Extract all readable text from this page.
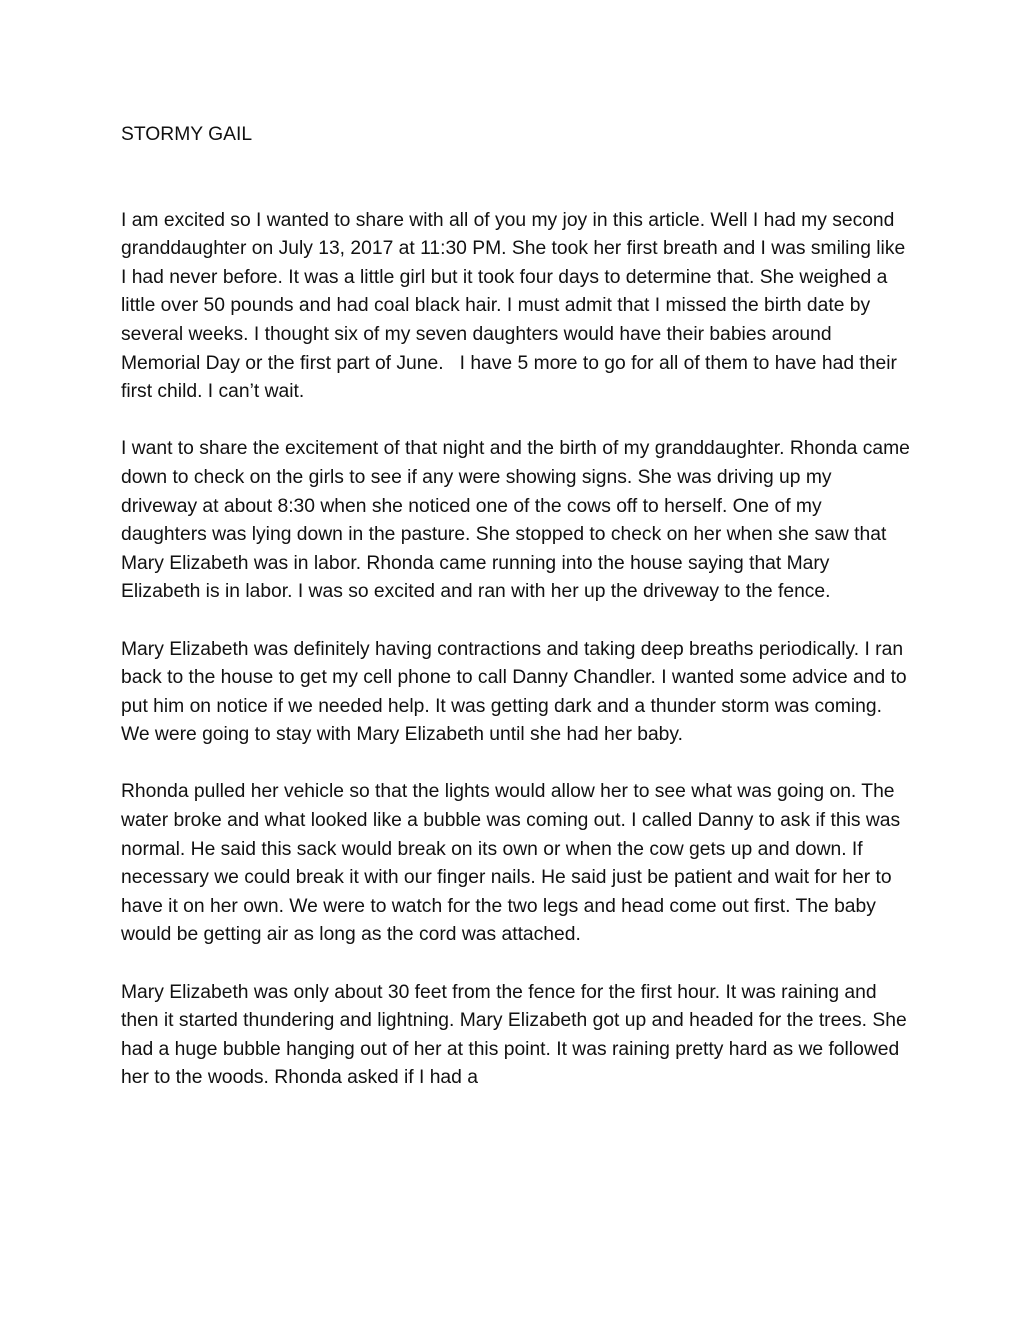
STORMY GAIL

I am excited so I wanted to share with all of you my joy in this article. Well I had my second granddaughter on July 13, 2017 at 11:30 PM. She took her first breath and I was smiling like I had never before. It was a little girl but it took four days to determine that. She weighed a little over 50 pounds and had coal black hair. I must admit that I missed the birth date by several weeks. I thought six of my seven daughters would have their babies around Memorial Day or the first part of June.   I have 5 more to go for all of them to have had their first child. I can’t wait.

I want to share the excitement of that night and the birth of my granddaughter. Rhonda came down to check on the girls to see if any were showing signs. She was driving up my driveway at about 8:30 when she noticed one of the cows off to herself. One of my daughters was lying down in the pasture. She stopped to check on her when she saw that Mary Elizabeth was in labor. Rhonda came running into the house saying that Mary Elizabeth is in labor. I was so excited and ran with her up the driveway to the fence.

Mary Elizabeth was definitely having contractions and taking deep breaths periodically. I ran back to the house to get my cell phone to call Danny Chandler. I wanted some advice and to put him on notice if we needed help. It was getting dark and a thunder storm was coming. We were going to stay with Mary Elizabeth until she had her baby.

Rhonda pulled her vehicle so that the lights would allow her to see what was going on. The water broke and what looked like a bubble was coming out. I called Danny to ask if this was normal. He said this sack would break on its own or when the cow gets up and down. If necessary we could break it with our finger nails. He said just be patient and wait for her to have it on her own. We were to watch for the two legs and head come out first. The baby would be getting air as long as the cord was attached.

Mary Elizabeth was only about 30 feet from the fence for the first hour. It was raining and then it started thundering and lightning. Mary Elizabeth got up and headed for the trees. She had a huge bubble hanging out of her at this point. It was raining pretty hard as we followed her to the woods. Rhonda asked if I had a
